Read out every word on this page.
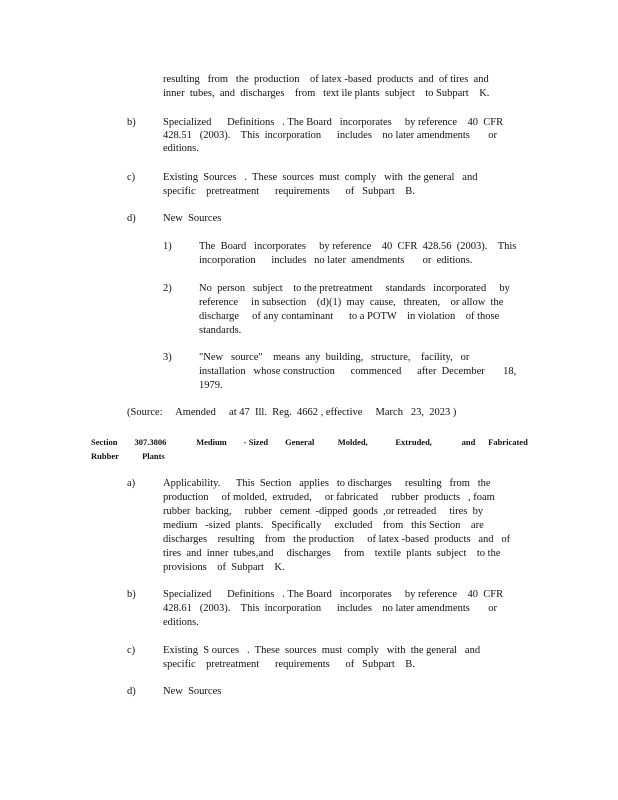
resulting   from   the  production    of latex -based  products  and  of tires  and
inner  tubes,  and  discharges    from   text ile plants  subject    to Subpart    K.
b)	Specialized      Definitions   . The Board   incorporates     by reference    40  CFR
428.51   (2003).    This  incorporation      includes    no later amendments       or
editions.
c)	Existing  Sources   .  These  sources  must  comply   with  the general   and
specific    pretreatment      requirements      of   Subpart    B.
d)	New  Sources
1)	The  Board   incorporates     by reference    40  CFR  428.56  (2003).    This
incorporation      includes   no later  amendments       or  editions.
2)	No  person   subject    to the pretreatment     standards   incorporated     by
reference     in subsection    (d)(1)  may  cause,   threaten,    or allow  the
discharge     of any contaminant      to a POTW    in violation    of those
standards.
3)	"New   source"    means  any  building,   structure,    facility,   or
installation   whose construction      commenced      after  December       18,
1979.
(Source:     Amended     at 47  Ill.  Reg.  4662 , effective     March   23,  2023 )
Section        307.3806              Medium        - Sized        General           Molded,             Extruded,              and      Fabricated
Rubber           Plants
a)	Applicability.      This  Section   applies   to discharges     resulting   from   the
production     of molded,  extruded,     or fabricated     rubber  products   , foam
rubber  backing,     rubber   cement  -dipped  goods  ,or retreaded     tires  by
medium   -sized  plants.   Specifically     excluded    from   this Section    are
discharges    resulting    from   the production     of latex -based  products   and   of
tires  and  inner  tubes,and     discharges     from    textile  plants  subject    to the
provisions    of  Subpart    K.
b)	Specialized      Definitions   . The Board   incorporates     by reference    40  CFR
428.61   (2003).    This  incorporation      includes    no later amendments       or
editions.
c)	Existing  S ources   .  These  sources  must  comply   with  the general   and
specific    pretreatment      requirements      of   Subpart    B.
d)	New  Sources
